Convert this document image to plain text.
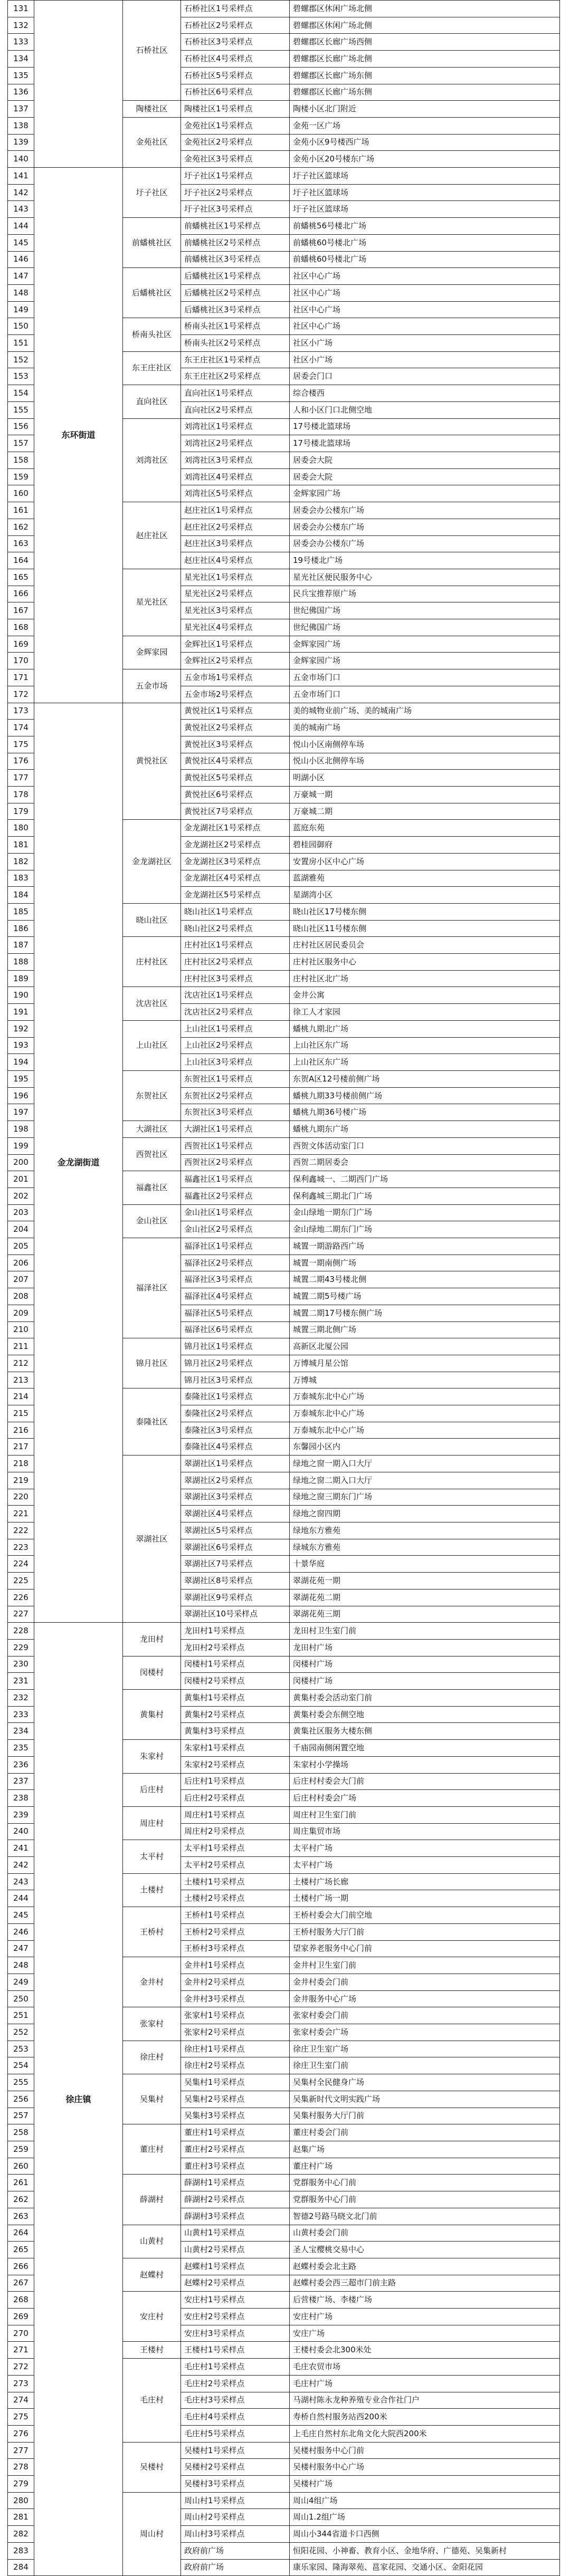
131		石桥社区	石桥社区1号采样点	碧螺郡区休闲广场北侧
132			石桥社区2号采样点	碧螺郡区休闲广场北侧
133			石桥社区3号采样点	碧螺郡区长廊广场西侧
134			石桥社区4号采样点	碧螺郡区长廊广场北侧
135			石桥社区5号采样点	碧螺郡区长廊广场东侧
136			石桥社区6号采样点	碧螺郡区长廊广场东侧
137		陶楼社区	陶楼社区1号采样点	陶楼小区北门附近
138		金苑社区	金苑社区1号采样点	金苑一区广场
139			金苑社区2号采样点	金苑小区9号楼西广场
140			金苑社区3号采样点	金苑小区20号楼东广场
141	东环街道	圩子社区	圩子社区1号采样点	圩子社区篮球场
142			圩子社区2号采样点	圩子社区篮球场
143			圩子社区3号采样点	圩子社区篮球场
144		前蟠桃社区	前蟠桃社区1号采样点	前蟠桃56号楼北广场
145			前蟠桃社区2号采样点	前蟠桃60号楼北广场
146			前蟠桃社区3号采样点	前蟠桃60号楼北广场
147		后蟠桃社区	后蟠桃社区1号采样点	社区中心广场
148			后蟠桃社区2号采样点	社区中心广场
149			后蟠桃社区3号采样点	社区中心广场
150		桥南头社区	桥南头社区1号采样点	社区中心广场
151			桥南头社区2号采样点	社区小广场
152		东王庄社区	东王庄社区1号采样点	社区小广场
153			东王庄社区2号采样点	居委会门口
154		直向社区	直向社区1号采样点	综合楼西
155			直向社区2号采样点	人和小区门口北侧空地
156		刘湾社区	刘湾社区1号采样点	17号楼北篮球场
157			刘湾社区2号采样点	17号楼北篮球场
158			刘湾社区3号采样点	居委会大院
159			刘湾社区4号采样点	居委会大院
160			刘湾社区5号采样点	金辉家园广场
161		赵庄社区	赵庄社区1号采样点	居委会办公楼东广场
162			赵庄社区2号采样点	居委会办公楼东广场
163			赵庄社区3号采样点	居委会办公楼东广场
164			赵庄社区4号采样点	19号楼北广场
165		星光社区	星光社区1号采样点	星光社区便民服务中心
166			星光社区2号采样点	民兵宝推荐原广场
167			星光社区3号采样点	世纪佛国广场
168			星光社区4号采样点	世纪佛国广场
169		金辉家园	金辉社区1号采样点	金辉家园广场
170			金辉社区2号采样点	金辉家园广场
171		五金市场	五金市场1号采样点	五金市场门口
172			五金市场2号采样点	五金市场门口
173	金龙湖街道	黄悦社区	黄悦社区1号采样点	美的城物业前广场、美的城南广场
174			黄悦社区2号采样点	美的城南广场
175			黄悦社区3号采样点	悦山小区南侧停车场
176			黄悦社区4号采样点	悦山小区北侧停车场
177			黄悦社区5号采样点	明湖小区
178			黄悦社区6号采样点	万豪城一期
179			黄悦社区7号采样点	万豪城二期
180		金龙湖社区	金龙湖社区1号采样点	蓝庭东苑
181			金龙湖社区2号采样点	碧桂园御府
182			金龙湖社区3号采样点	安置房小区中心广场
183			金龙湖社区4号采样点	蓝湖雅苑
184			金龙湖社区5号采样点	星湖湾小区
185		晓山社区	晓山社区1号采样点	晓山社区17号楼东侧
186			晓山社区2号采样点	晓山社区11号楼东侧
187		庄村社区	庄村社区1号采样点	庄村社区居民委员会
188			庄村社区2号采样点	庄村社区服务中心
189			庄村社区3号采样点	庄村社区北广场
190		沈店社区	沈店社区1号采样点	金井公寓
191			沈店社区2号采样点	徐工人才家园
192		上山社区	上山社区1号采样点	蟠桃九期北广场
193			上山社区2号采样点	上山社区东广场
194			上山社区3号采样点	上山社区东广场
195		东贺社区	东贺社区1号采样点	东贺A区12号楼前侧广场
196			东贺社区2号采样点	蟠桃九期33号楼前侧广场
197			东贺社区3号采样点	蟠桃九期36号楼广场
198		大湖社区	大湖社区1号采样点	蟠桃九期东广场
199		西贺社区	西贺社区1号采样点	西贺文体活动室门口
200			西贺社区2号采样点	西贺二期居委会
201		福鑫社区	福鑫社区1号采样点	保利鑫城一、二期西门广场
202			福鑫社区2号采样点	保利鑫城三期北门广场
203		金山社区	金山社区1号采样点	金山绿地一期东门广场
204			金山社区2号采样点	金山绿地二期东门广场
205		福泽社区	福泽社区1号采样点	城置一期游路西广场
206			福泽社区2号采样点	城置一期南侧广场
207			福泽社区3号采样点	城置二期43号楼北侧
208			福泽社区4号采样点	城置二期5号楼广场
209			福泽社区5号采样点	城置二期17号楼东侧广场
210			福泽社区6号采样点	城置三期北侧广场
211		锦月社区	锦月社区1号采样点	高新区北厦公园
212			锦月社区2号采样点	万博城月星公馆
213			锦月社区3号采样点	万博城
214		泰隆社区	泰隆社区1号采样点	万泰城东北中心广场
215			泰隆社区2号采样点	万泰城东北中心广场
216			泰隆社区3号采样点	万泰城东北中心广场
217			泰隆社区4号采样点	东馨园小区内
218		翠湖社区	翠湖社区1号采样点	绿地之窗一期入口大厅
219			翠湖社区2号采样点	绿地之窗二期入口大厅
220			翠湖社区3号采样点	绿地之窗三期东门广场
221			翠湖社区4号采样点	绿地之窗四期
222			翠湖社区5号采样点	绿地东方雅苑
223			翠湖社区6号采样点	绿城东方雅苑
224			翠湖社区7号采样点	十景华庭
225			翠湖社区8号采样点	翠湖花苑一期
226			翠湖社区9号采样点	翠湖花苑二期
227			翠湖社区10号采样点	翠湖花苑三期
228	徐庄镇	龙田村	龙田村1号采样点	龙田村卫生室门前
229			龙田村2号采样点	龙田村广场
230		闵楼村	闵楼村1号采样点	闵楼村广场
231			闵楼村2号采样点	闵楼村广场
232		黄集村	黄集村1号采样点	黄集村委会活动室门前
233			黄集村2号采样点	黄集村委会东侧空地
234			黄集村3号采样点	黄集社区服务大楼东侧
235		朱家村	朱家村1号采样点	千庙园南侧闲置空地
236			朱家村2号采样点	朱家村小学操场
237		后庄村	后庄村1号采样点	后庄村村委会大门前
238			后庄村2号采样点	后庄村村委会广场
239		周庄村	周庄村1号采样点	周庄村卫生室门前
240			周庄村2号采样点	周庄集贸市场
241		太平村	太平村1号采样点	太平村广场
242			太平村2号采样点	太平村广场
243		土楼村	土楼村1号采样点	土楼村广场长廊
244			土楼村2号采样点	土楼村广场一期
245		王桥村	王桥村1号采样点	王桥村委会大门前空地
246			王桥村2号采样点	王桥村服务大厅门前
247			王桥村3号采样点	望家养老服务中心门前
248		金井村	金井村1号采样点	金井村卫生室门前
249			金井村2号采样点	金井村委会门前
250			金井村3号采样点	金井服务中心广场
251		张家村	张家村1号采样点	张家村委会门前
252			张家村2号采样点	张家村委会广场
253		徐庄村	徐庄村1号采样点	徐庄卫生室广场
254			徐庄村2号采样点	徐庄卫生室门前
255		吴集村	吴集村1号采样点	吴集村全民健身广场
256			吴集村2号采样点	吴集新时代文明实践广场
257			吴集村3号采样点	吴集村服务大厅门前
258		董庄村	董庄村1号采样点	董庄村委会门前
259			董庄村2号采样点	赵集广场
260			董庄村3号采样点	董庄村广场
261		薛湖村	薛湖村1号采样点	党群服务中心门前
262			薛湖村2号采样点	党群服务中心门前
263			薛湖村3号采样点	智德2号路马晓文北门前
264		山黄村	山黄村1号采样点	山黄村委会门前
265			山黄村2号采样点	圣人宝樱桃交易中心
266		赵蝶村	赵蝶村1号采样点	赵蝶村委会北主路
267			赵蝶村2号采样点	赵蝶村委会西三超市门前主路
268		安庄村	安庄村1号采样点	后营楼广场、李楼广场
269			安庄村2号采样点	安庄村广场
270			安庄村3号采样点	安庄广场
271		王楼村	王楼村1号采样点	王楼村委会北300米处
272		毛庄村	毛庄村1号采样点	毛庄农贸市场
273			毛庄村2号采样点	毛庄村广场
274			毛庄村3号采样点	马湖村陈永龙种养殖专业合作社门户
275			毛庄村4号采样点	寿桥自然村服务站西200米
276			毛庄村5号采样点	上毛庄自然村东北角文化大院西200米
277		吴楼村	吴楼村1号采样点	吴楼村服务中心门前
278			吴楼村2号采样点	吴楼村服务中心广场
279			吴楼村3号采样点	吴楼村广场
280		周山村	周山村1号采样点	周山4组广场
281			周山村2号采样点	周山1.2组广场
282			周山村3号采样点	周山小344省道卡口西侧
283			政府前广场	恒阳花园、小神畜、教育小区、金地华府、广德苑、吴集新村
284			政府前广场	康乐家园、隆海翠苑、邕家花园、交通小区、金阳花园
